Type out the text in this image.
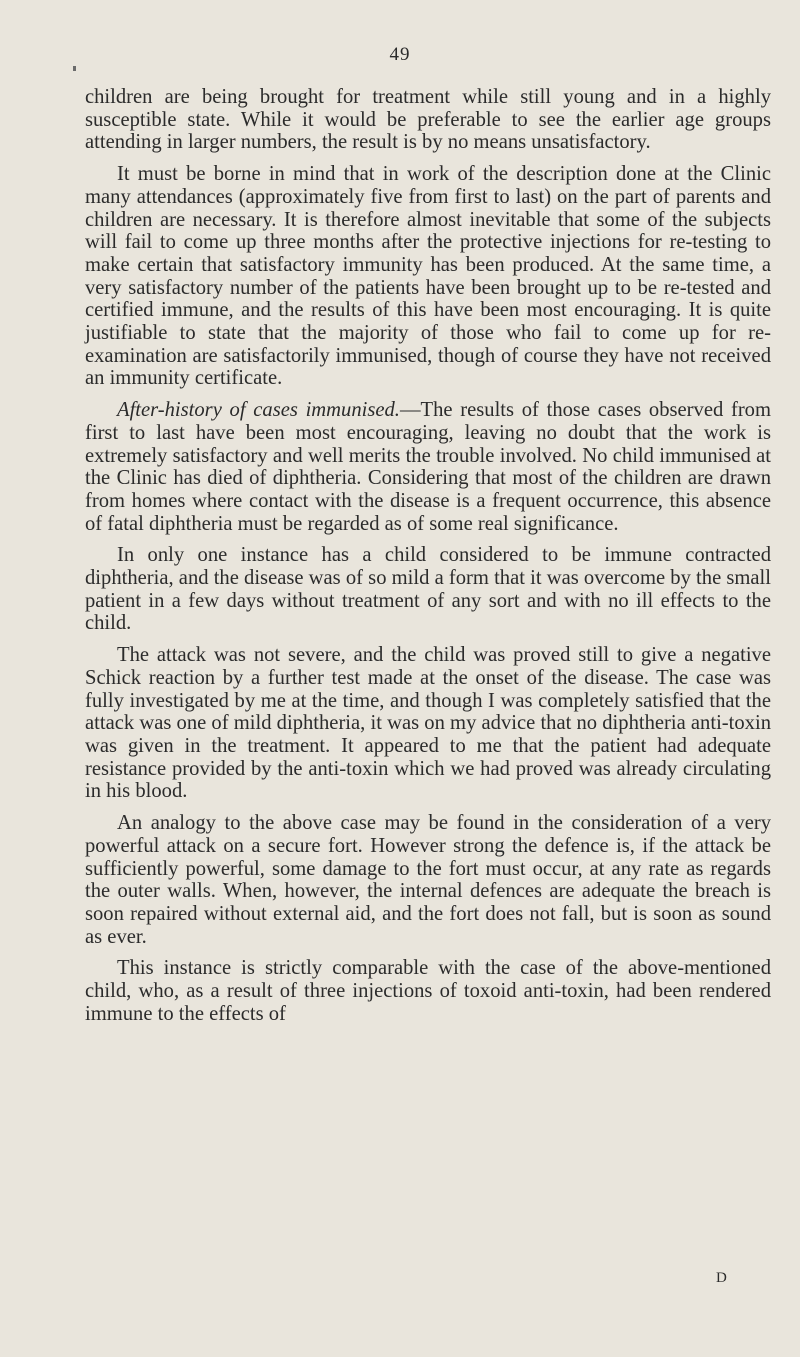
49

children are being brought for treatment while still young and in a highly susceptible state. While it would be preferable to see the earlier age groups attending in larger numbers, the result is by no means unsatisfactory.

It must be borne in mind that in work of the description done at the Clinic many attendances (approximately five from first to last) on the part of parents and children are necessary. It is therefore almost inevitable that some of the subjects will fail to come up three months after the protective injections for re-testing to make certain that satisfactory immunity has been produced. At the same time, a very satisfactory number of the patients have been brought up to be re-tested and certified immune, and the results of this have been most encouraging. It is quite justifiable to state that the majority of those who fail to come up for re-examination are satisfactorily immunised, though of course they have not received an immunity certificate.

After-history of cases immunised.—The results of those cases observed from first to last have been most encouraging, leaving no doubt that the work is extremely satisfactory and well merits the trouble involved. No child immunised at the Clinic has died of diphtheria. Considering that most of the children are drawn from homes where contact with the disease is a frequent occurrence, this absence of fatal diphtheria must be regarded as of some real significance.

In only one instance has a child considered to be immune contracted diphtheria, and the disease was of so mild a form that it was overcome by the small patient in a few days without treatment of any sort and with no ill effects to the child.

The attack was not severe, and the child was proved still to give a negative Schick reaction by a further test made at the onset of the disease. The case was fully investigated by me at the time, and though I was completely satisfied that the attack was one of mild diphtheria, it was on my advice that no diphtheria anti-toxin was given in the treatment. It appeared to me that the patient had adequate resistance provided by the anti-toxin which we had proved was already circulating in his blood.

An analogy to the above case may be found in the consideration of a very powerful attack on a secure fort. However strong the defence is, if the attack be sufficiently powerful, some damage to the fort must occur, at any rate as regards the outer walls. When, however, the internal defences are adequate the breach is soon repaired without external aid, and the fort does not fall, but is soon as sound as ever.

This instance is strictly comparable with the case of the above-mentioned child, who, as a result of three injections of toxoid anti-toxin, had been rendered immune to the effects of

D
